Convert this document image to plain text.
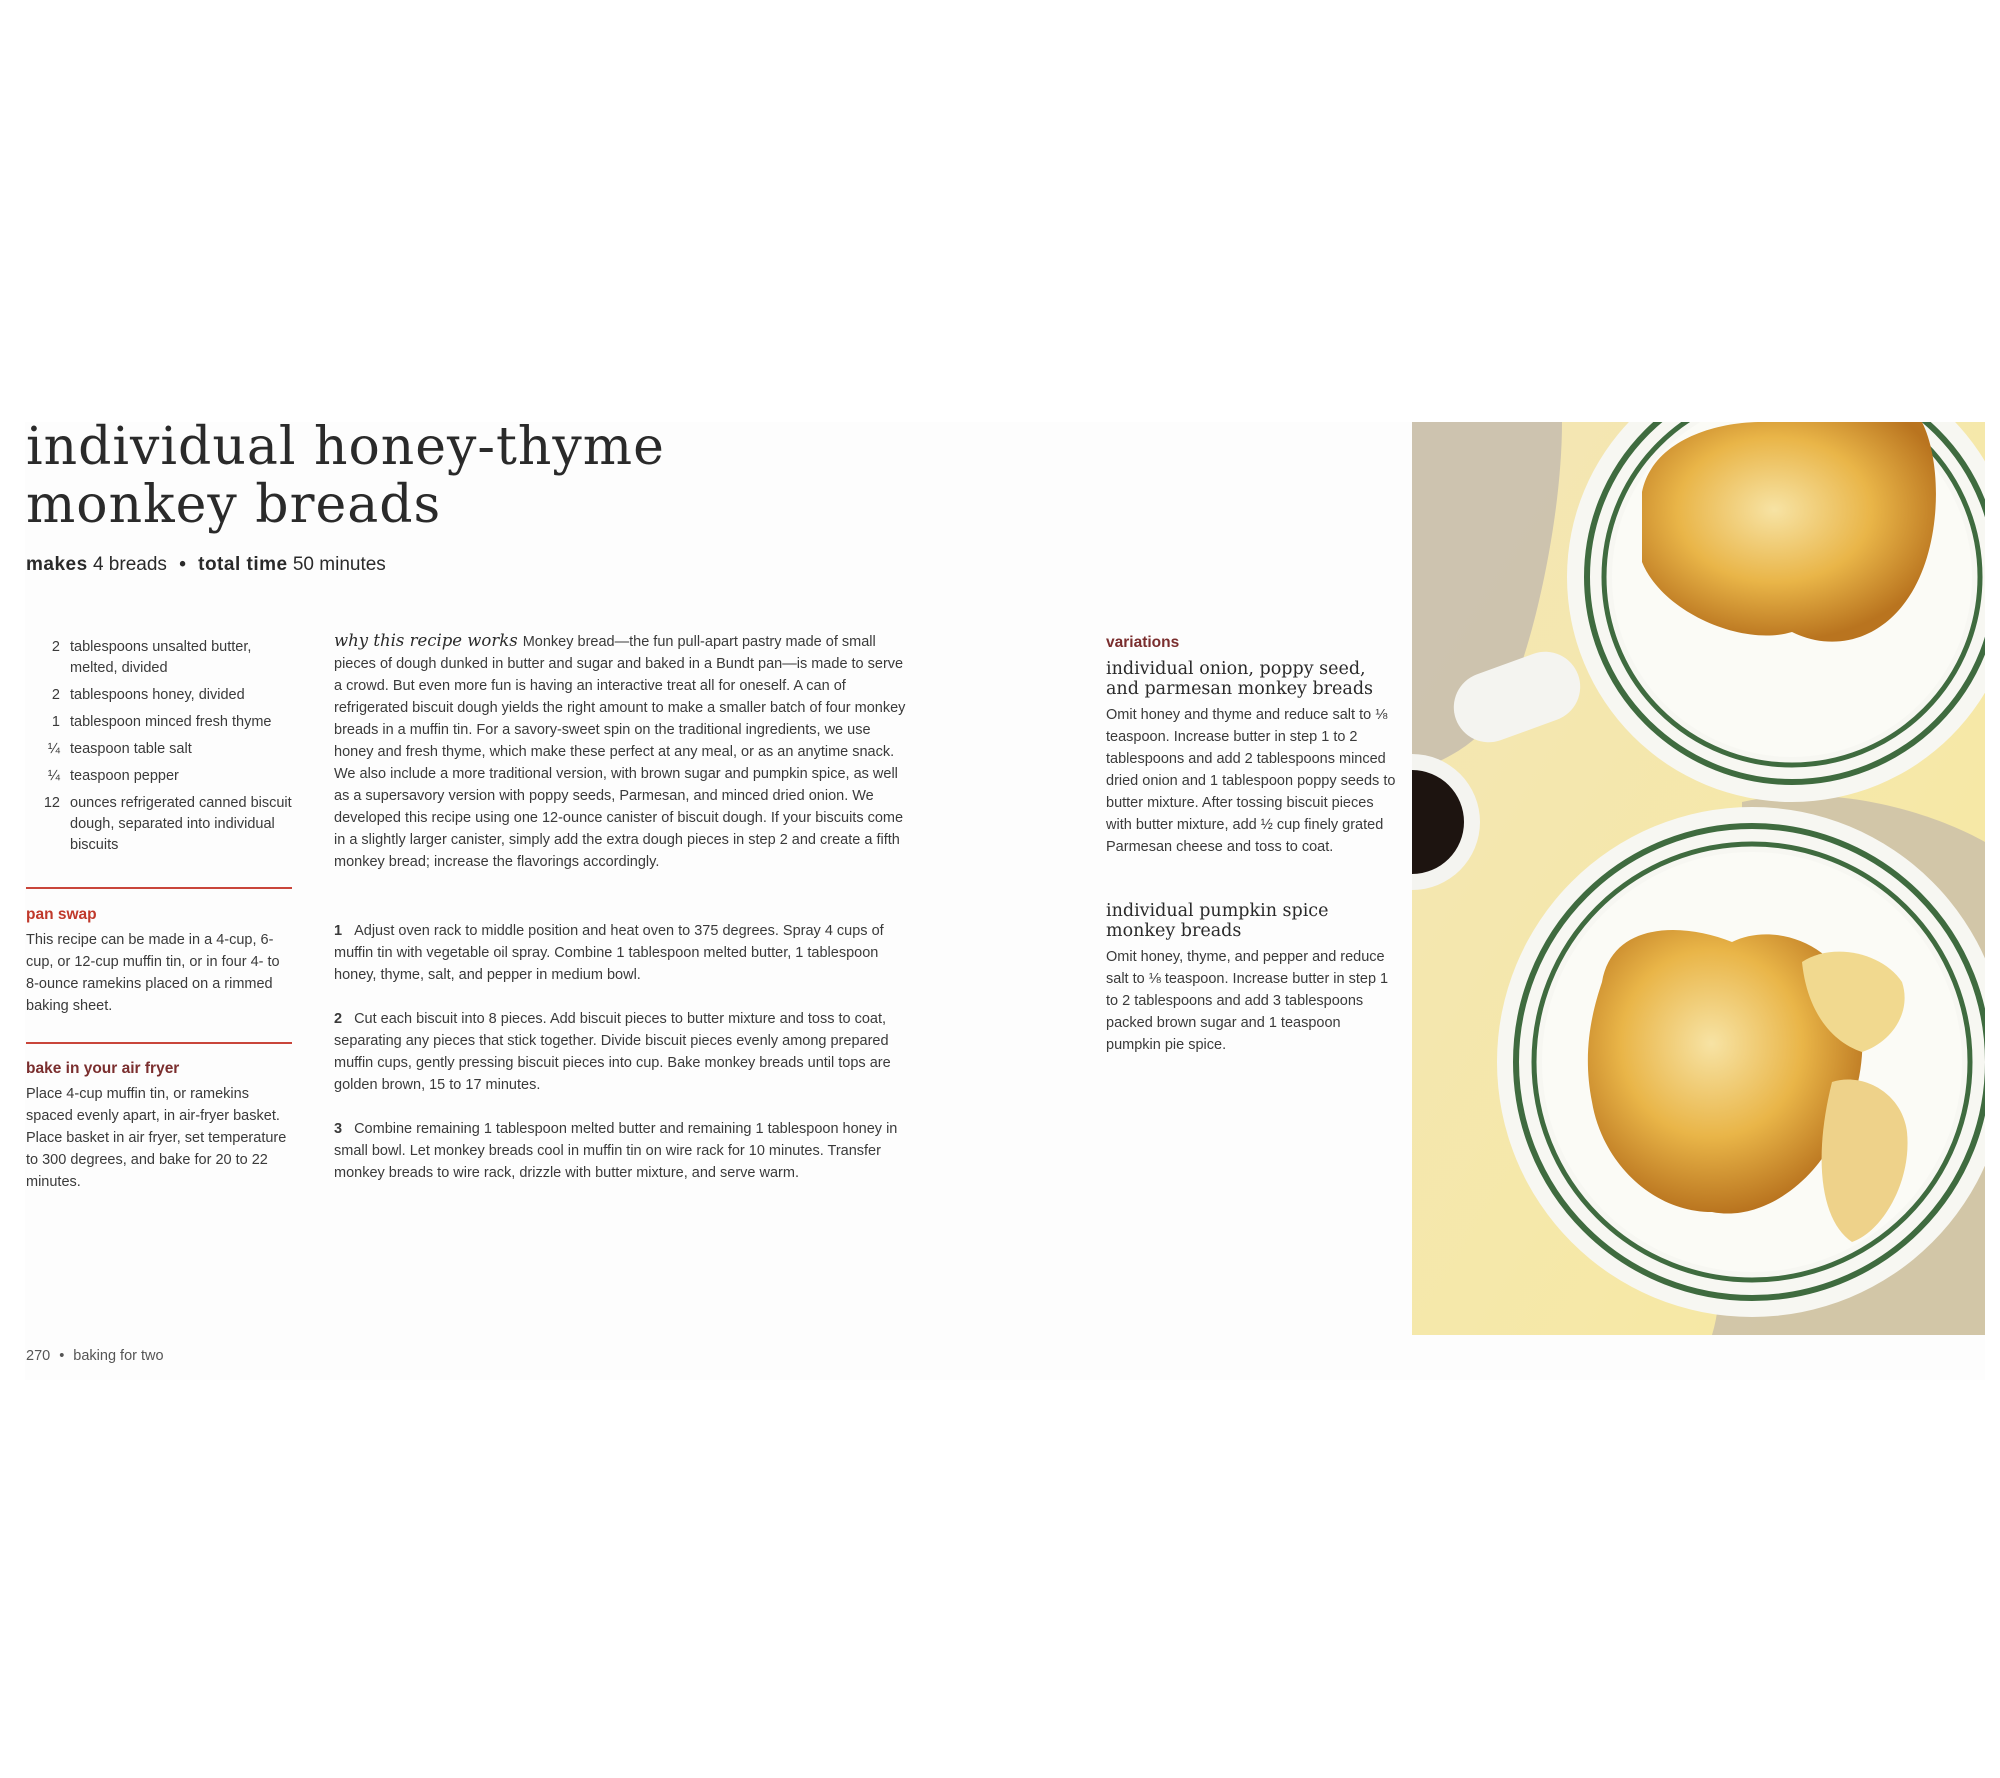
individual honey-thyme
monkey breads
makes 4 breads • total time 50 minutes
2 tablespoons unsalted butter, melted, divided
2 tablespoons honey, divided
1 tablespoon minced fresh thyme
¼ teaspoon table salt
¼ teaspoon pepper
12 ounces refrigerated canned biscuit dough, separated into individual biscuits
pan swap

This recipe can be made in a 4-cup, 6-cup, or 12-cup muffin tin, or in four 4- to 8-ounce ramekins placed on a rimmed baking sheet.

bake in your air fryer

Place 4-cup muffin tin, or ramekins spaced evenly apart, in air-fryer basket. Place basket in air fryer, set temperature to 300 degrees, and bake for 20 to 22 minutes.

why this recipe works Monkey bread—the fun pull-apart pastry made of small pieces of dough dunked in butter and sugar and baked in a Bundt pan—is made to serve a crowd. But even more fun is having an interactive treat all for oneself. A can of refrigerated biscuit dough yields the right amount to make a smaller batch of four monkey breads in a muffin tin. For a savory-sweet spin on the traditional ingredients, we use honey and fresh thyme, which make these perfect at any meal, or as an anytime snack. We also include a more traditional version, with brown sugar and pumpkin spice, as well as a supersavory version with poppy seeds, Parmesan, and minced dried onion. We developed this recipe using one 12-ounce canister of biscuit dough. If your biscuits come in a slightly larger canister, simply add the extra dough pieces in step 2 and create a fifth monkey bread; increase the flavorings accordingly.

1 Adjust oven rack to middle position and heat oven to 375 degrees. Spray 4 cups of muffin tin with vegetable oil spray. Combine 1 tablespoon melted butter, 1 tablespoon honey, thyme, salt, and pepper in medium bowl.
2 Cut each biscuit into 8 pieces. Add biscuit pieces to butter mixture and toss to coat, separating any pieces that stick together. Divide biscuit pieces evenly among prepared muffin cups, gently pressing biscuit pieces into cup. Bake monkey breads until tops are golden brown, 15 to 17 minutes.
3 Combine remaining 1 tablespoon melted butter and remaining 1 tablespoon honey in small bowl. Let monkey breads cool in muffin tin on wire rack for 10 minutes. Transfer monkey breads to wire rack, drizzle with butter mixture, and serve warm.
variations
individual onion, poppy seed,
and parmesan monkey breads

Omit honey and thyme and reduce salt to ⅛ teaspoon. Increase butter in step 1 to 2 tablespoons and add 2 tablespoons minced dried onion and 1 tablespoon poppy seeds to butter mixture. After tossing biscuit pieces with butter mixture, add ½ cup finely grated Parmesan cheese and toss to coat.

individual pumpkin spice
monkey breads

Omit honey, thyme, and pepper and reduce salt to ⅛ teaspoon. Increase butter in step 1 to 2 tablespoons and add 3 tablespoons packed brown sugar and 1 teaspoon pumpkin pie spice.

270 • baking for two
